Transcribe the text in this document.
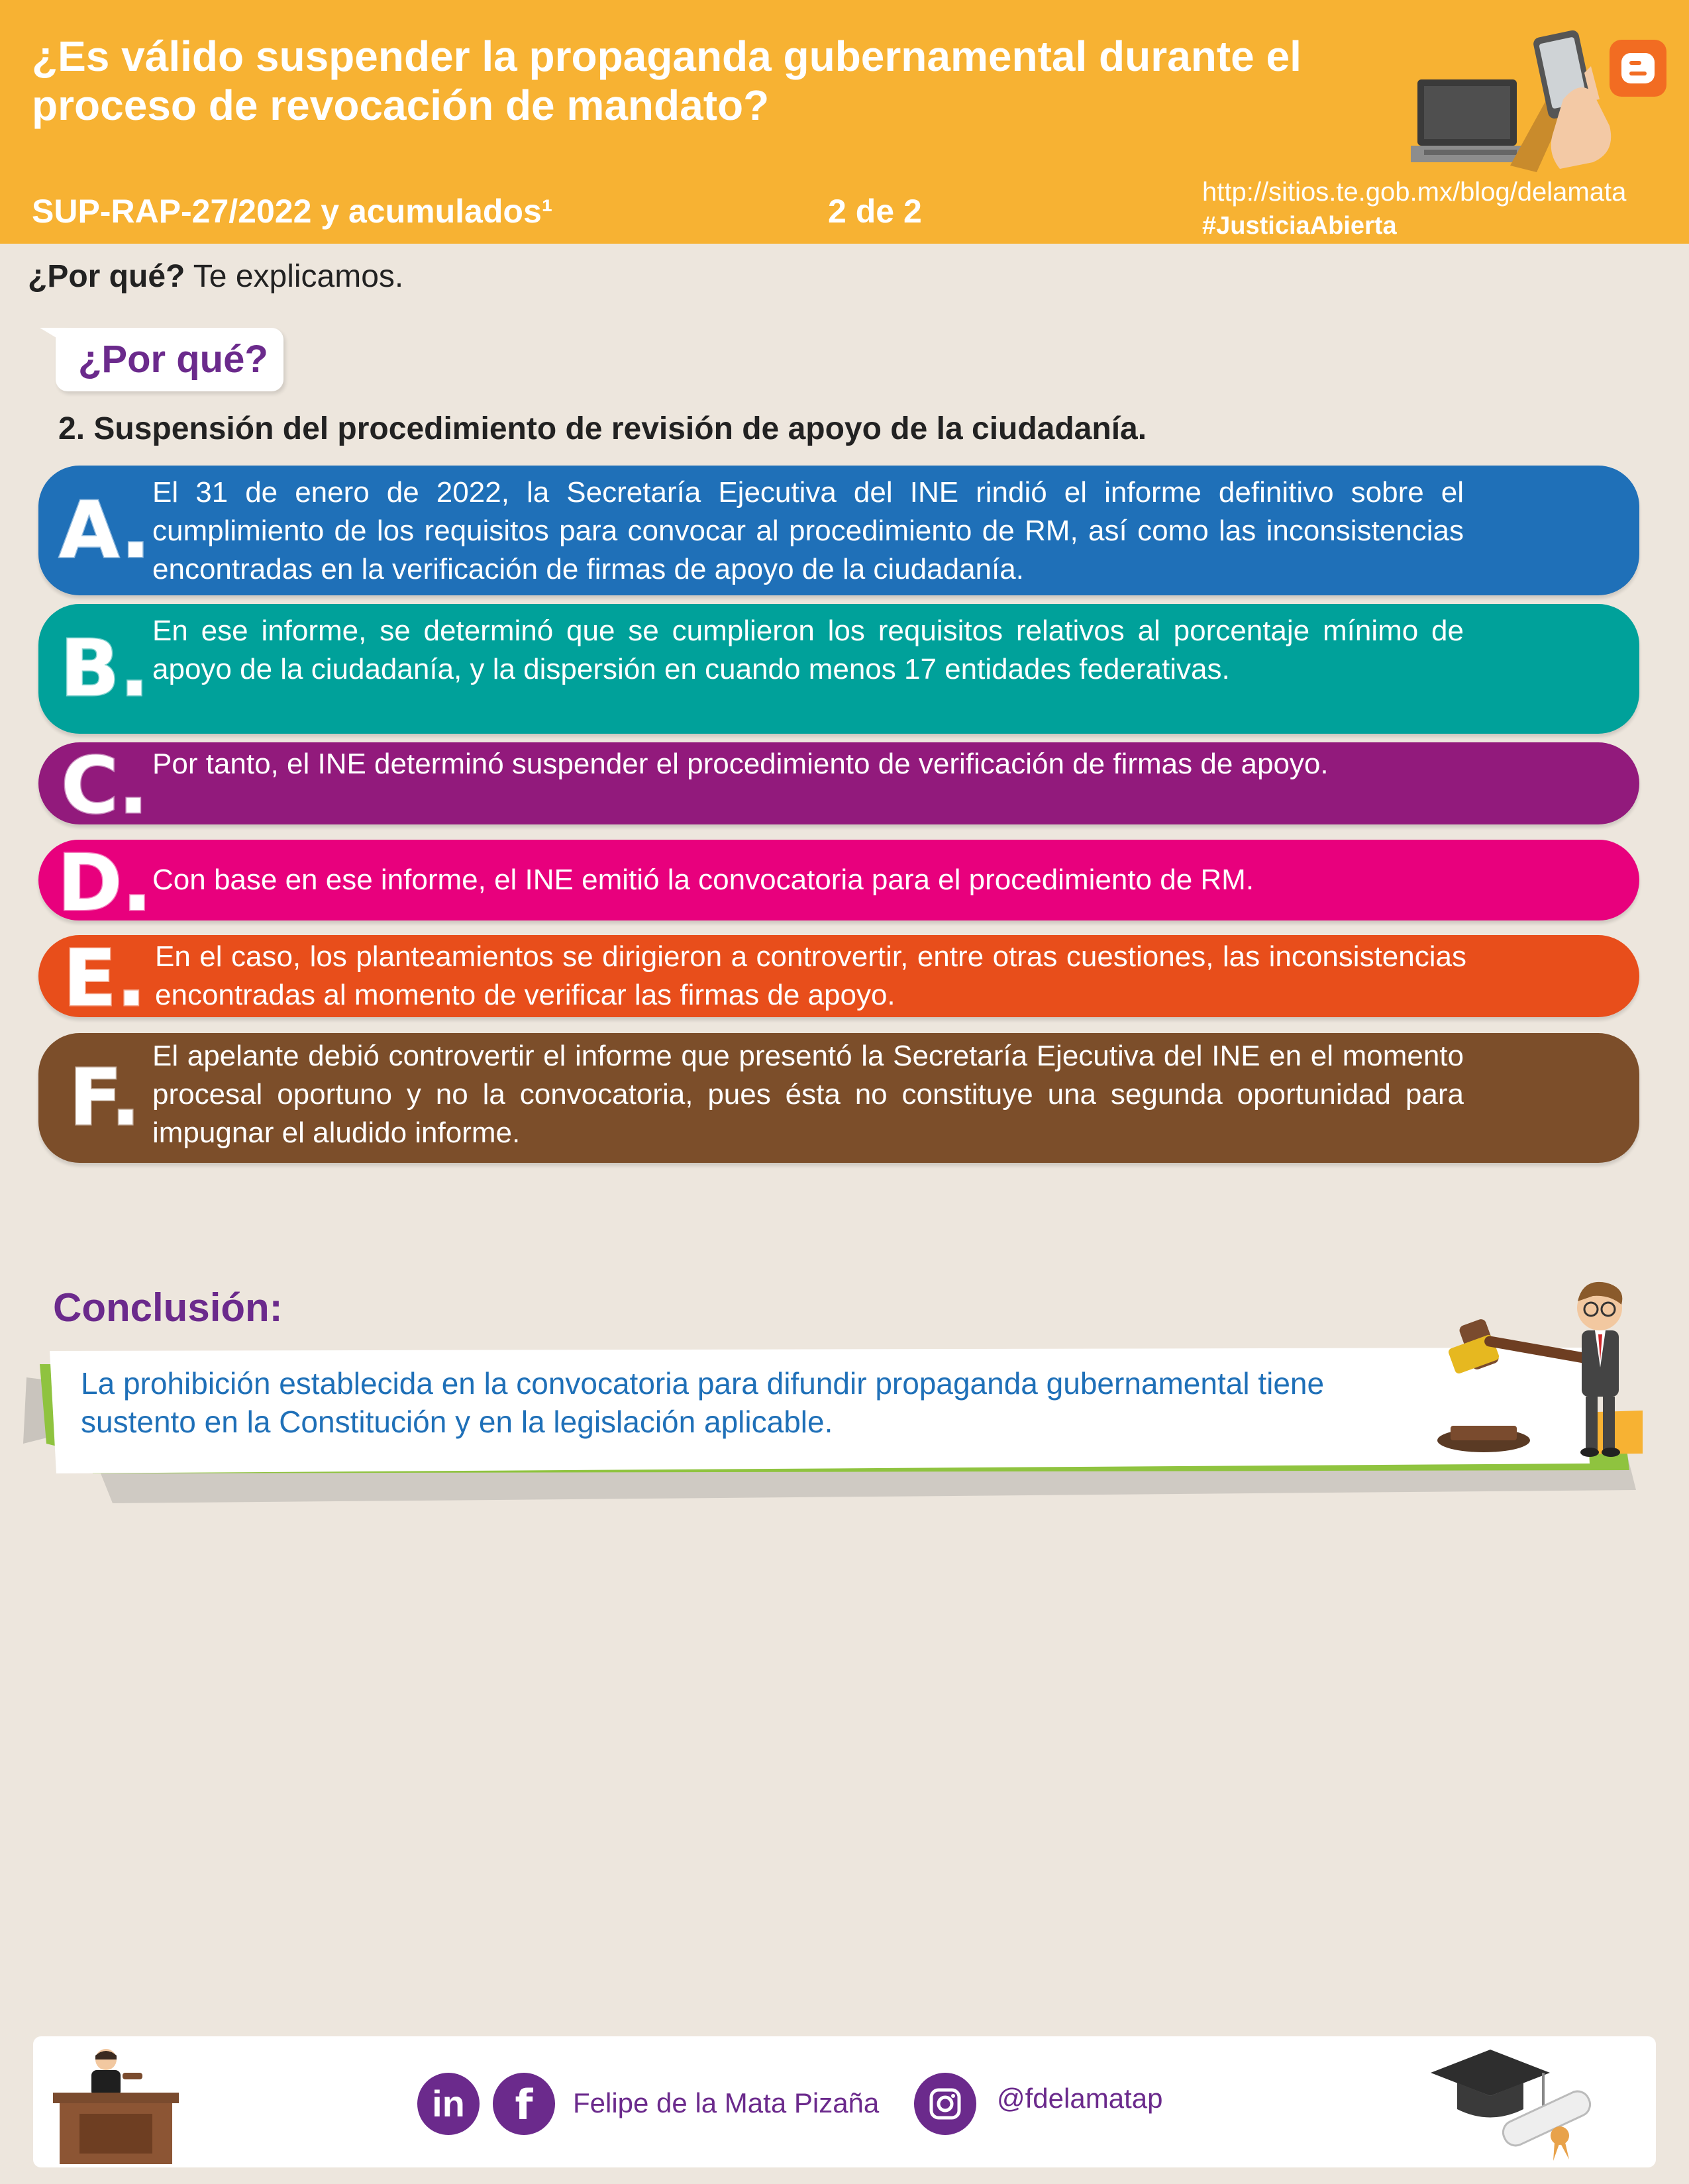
¿Es válido suspender la propaganda gubernamental durante el proceso de revocación de mandato?
SUP-RAP-27/2022 y acumulados¹	2 de 2
http://sitios.te.gob.mx/blog/delamata
#JusticiaAbierta
¿Por qué? Te explicamos.
¿Por qué?
2. Suspensión del procedimiento de revisión de apoyo de la ciudadanía.
A. El 31 de enero de 2022, la Secretaría Ejecutiva del INE rindió el informe definitivo sobre el cumplimiento de los requisitos para convocar al procedimiento de RM, así como las inconsistencias encontradas en la verificación de firmas de apoyo de la ciudadanía.
B. En ese informe, se determinó que se cumplieron los requisitos relativos al porcentaje mínimo de apoyo de la ciudadanía, y la dispersión en cuando menos 17 entidades federativas.
C. Por tanto, el INE determinó suspender el procedimiento de verificación de firmas de apoyo.
D. Con base en ese informe, el INE emitió la convocatoria para el procedimiento de RM.
E. En el caso, los planteamientos se dirigieron a controvertir, entre otras cuestiones, las inconsistencias encontradas al momento de verificar las firmas de apoyo.
F. El apelante debió controvertir el informe que presentó la Secretaría Ejecutiva del INE en el momento procesal oportuno y no la convocatoria, pues ésta no constituye una segunda oportunidad para impugnar el aludido informe.
Conclusión:
La prohibición establecida en la convocatoria para difundir propaganda gubernamental tiene sustento en la Constitución y en la legislación aplicable.
in	f	Felipe de la Mata Pizaña	@fdelamatap
